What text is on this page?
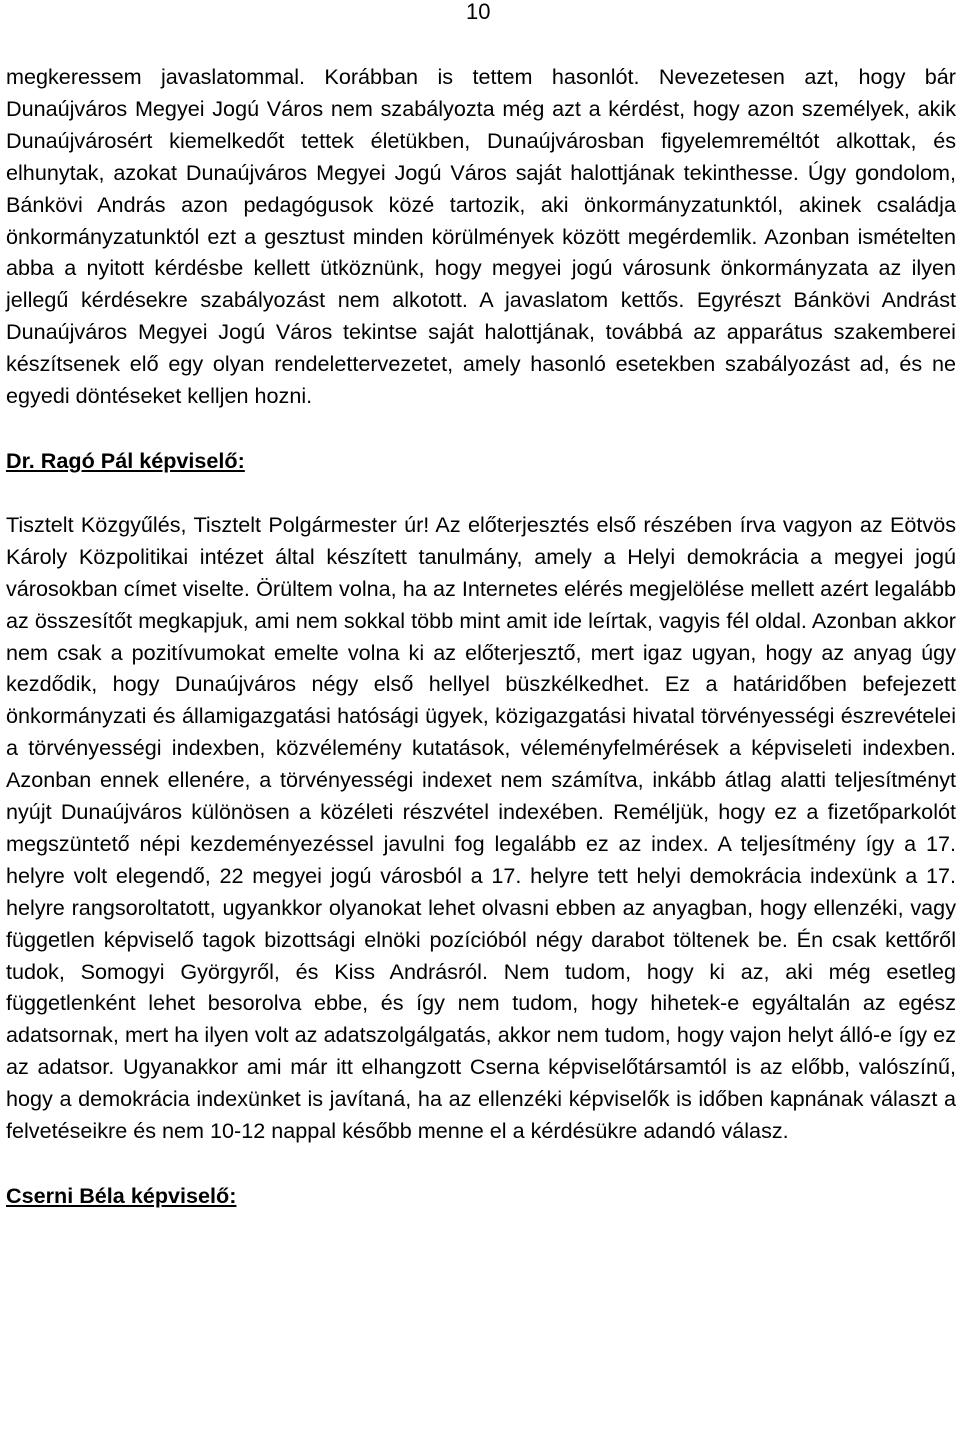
10

megkeressem javaslatommal. Korábban is tettem hasonlót. Nevezetesen azt, hogy bár Dunaújváros Megyei Jogú Város nem szabályozta még azt a kérdést, hogy azon személyek, akik Dunaújvárosért kiemelkedőt tettek életükben, Dunaújvárosban figyelemreméltót alkottak, és elhunytak, azokat Dunaújváros Megyei Jogú Város saját halottjának tekinthesse. Úgy gondolom, Bánkövi András azon pedagógusok közé tartozik, aki önkormányzatunktól, akinek családja önkormányzatunktól ezt a gesztust minden körülmények között megérdemlik. Azonban ismételten abba a nyitott kérdésbe kellett ütköznünk, hogy megyei jogú városunk önkormányzata az ilyen jellegű kérdésekre szabályozást nem alkotott. A javaslatom kettős. Egyrészt Bánkövi Andrást Dunaújváros Megyei Jogú Város tekintse saját halottjának, továbbá az apparátus szakemberei készítsenek elő egy olyan rendelettervezetet, amely hasonló esetekben szabályozást ad, és ne egyedi döntéseket kelljen hozni.

Dr. Ragó Pál képviselő:

Tisztelt Közgyűlés, Tisztelt Polgármester úr! Az előterjesztés első részében írva vagyon az Eötvös Károly Közpolitikai intézet által készített tanulmány, amely a Helyi demokrácia a megyei jogú városokban címet viselte. Örültem volna, ha az Internetes elérés megjelölése mellett azért legalább az összesítőt megkapjuk, ami nem sokkal több mint amit ide leírtak, vagyis fél oldal. Azonban akkor nem csak a pozitívumokat emelte volna ki az előterjesztő, mert igaz ugyan, hogy az anyag úgy kezdődik, hogy Dunaújváros négy első hellyel büszkélkedhet. Ez a határidőben befejezett önkormányzati és államigazgatási hatósági ügyek, közigazgatási hivatal törvényességi észrevételei a törvényességi indexben, közvélemény kutatások, véleményfelmérések a képviseleti indexben. Azonban ennek ellenére, a törvényességi indexet nem számítva, inkább átlag alatti teljesítményt nyújt Dunaújváros különösen a közéleti részvétel indexében. Reméljük, hogy ez a fizetőparkolót megszüntető népi kezdeményezéssel javulni fog legalább ez az index. A teljesítmény így a 17. helyre volt elegendő, 22 megyei jogú városból a 17. helyre tett helyi demokrácia indexünk a 17. helyre rangsoroltatott, ugyankkor olyanokat lehet olvasni ebben az anyagban, hogy ellenzéki, vagy független képviselő tagok bizottsági elnöki pozícióból négy darabot töltenek be. Én csak kettőről tudok, Somogyi Györgyről, és Kiss Andrásról. Nem tudom, hogy ki az, aki még esetleg függetlenként lehet besorolva ebbe, és így nem tudom, hogy hihetek-e egyáltalán az egész adatsornak, mert ha ilyen volt az adatszolgálgatás, akkor nem tudom, hogy vajon helyt álló-e így ez az adatsor. Ugyanakkor ami már itt elhangzott Cserna képviselőtársamtól is az előbb, valószínű, hogy a demokrácia indexünket is javítaná, ha az ellenzéki képviselők is időben kapnának választ a felvetéseikre és nem 10-12 nappal később menne el a kérdésükre adandó válasz.

Cserni Béla képviselő:
